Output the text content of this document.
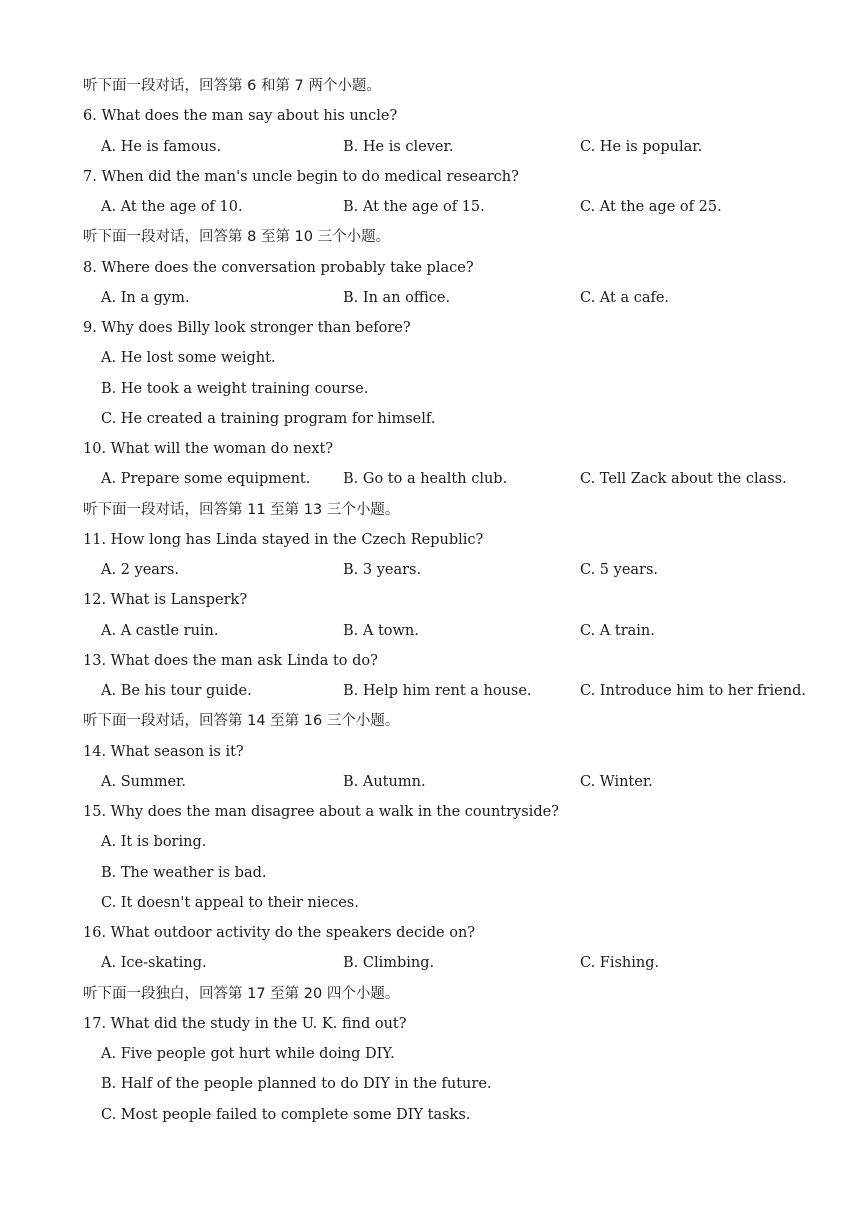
听下面一段对话，回答第 6 和第 7 两个小题。
6. What does the man say about his uncle?
A. He is famous.	B. He is clever.	C. He is popular.
7. When did the man's uncle begin to do medical research?
A. At the age of 10.	B. At the age of 15.	C. At the age of 25.
听下面一段对话，回答第 8 至第 10 三个小题。
8. Where does the conversation probably take place?
A. In a gym.	B. In an office.	C. At a cafe.
9. Why does Billy look stronger than before?
A. He lost some weight.
B. He took a weight training course.
C. He created a training program for himself.
10. What will the woman do next?
A. Prepare some equipment. B. Go to a health club.	C. Tell Zack about the class.
听下面一段对话，回答第 11 至第 13 三个小题。
11. How long has Linda stayed in the Czech Republic?
A. 2 years.	B. 3 years.	C. 5 years.
12. What is Lansperk?
A. A castle ruin.	B. A town.	C. A train.
13. What does the man ask Linda to do?
A. Be his tour guide.	B. Help him rent a house.	C. Introduce him to her friend.
听下面一段对话，回答第 14 至第 16 三个小题。
14. What season is it?
A. Summer.	B. Autumn.	C. Winter.
15. Why does the man disagree about a walk in the countryside?
A. It is boring.
B. The weather is bad.
C. It doesn't appeal to their nieces.
16. What outdoor activity do the speakers decide on?
A. Ice-skating.	B. Climbing.	C. Fishing.
听下面一段独白，回答第 17 至第 20 四个小题。
17. What did the study in the U. K. find out?
A. Five people got hurt while doing DIY.
B. Half of the people planned to do DIY in the future.
C. Most people failed to complete some DIY tasks.
